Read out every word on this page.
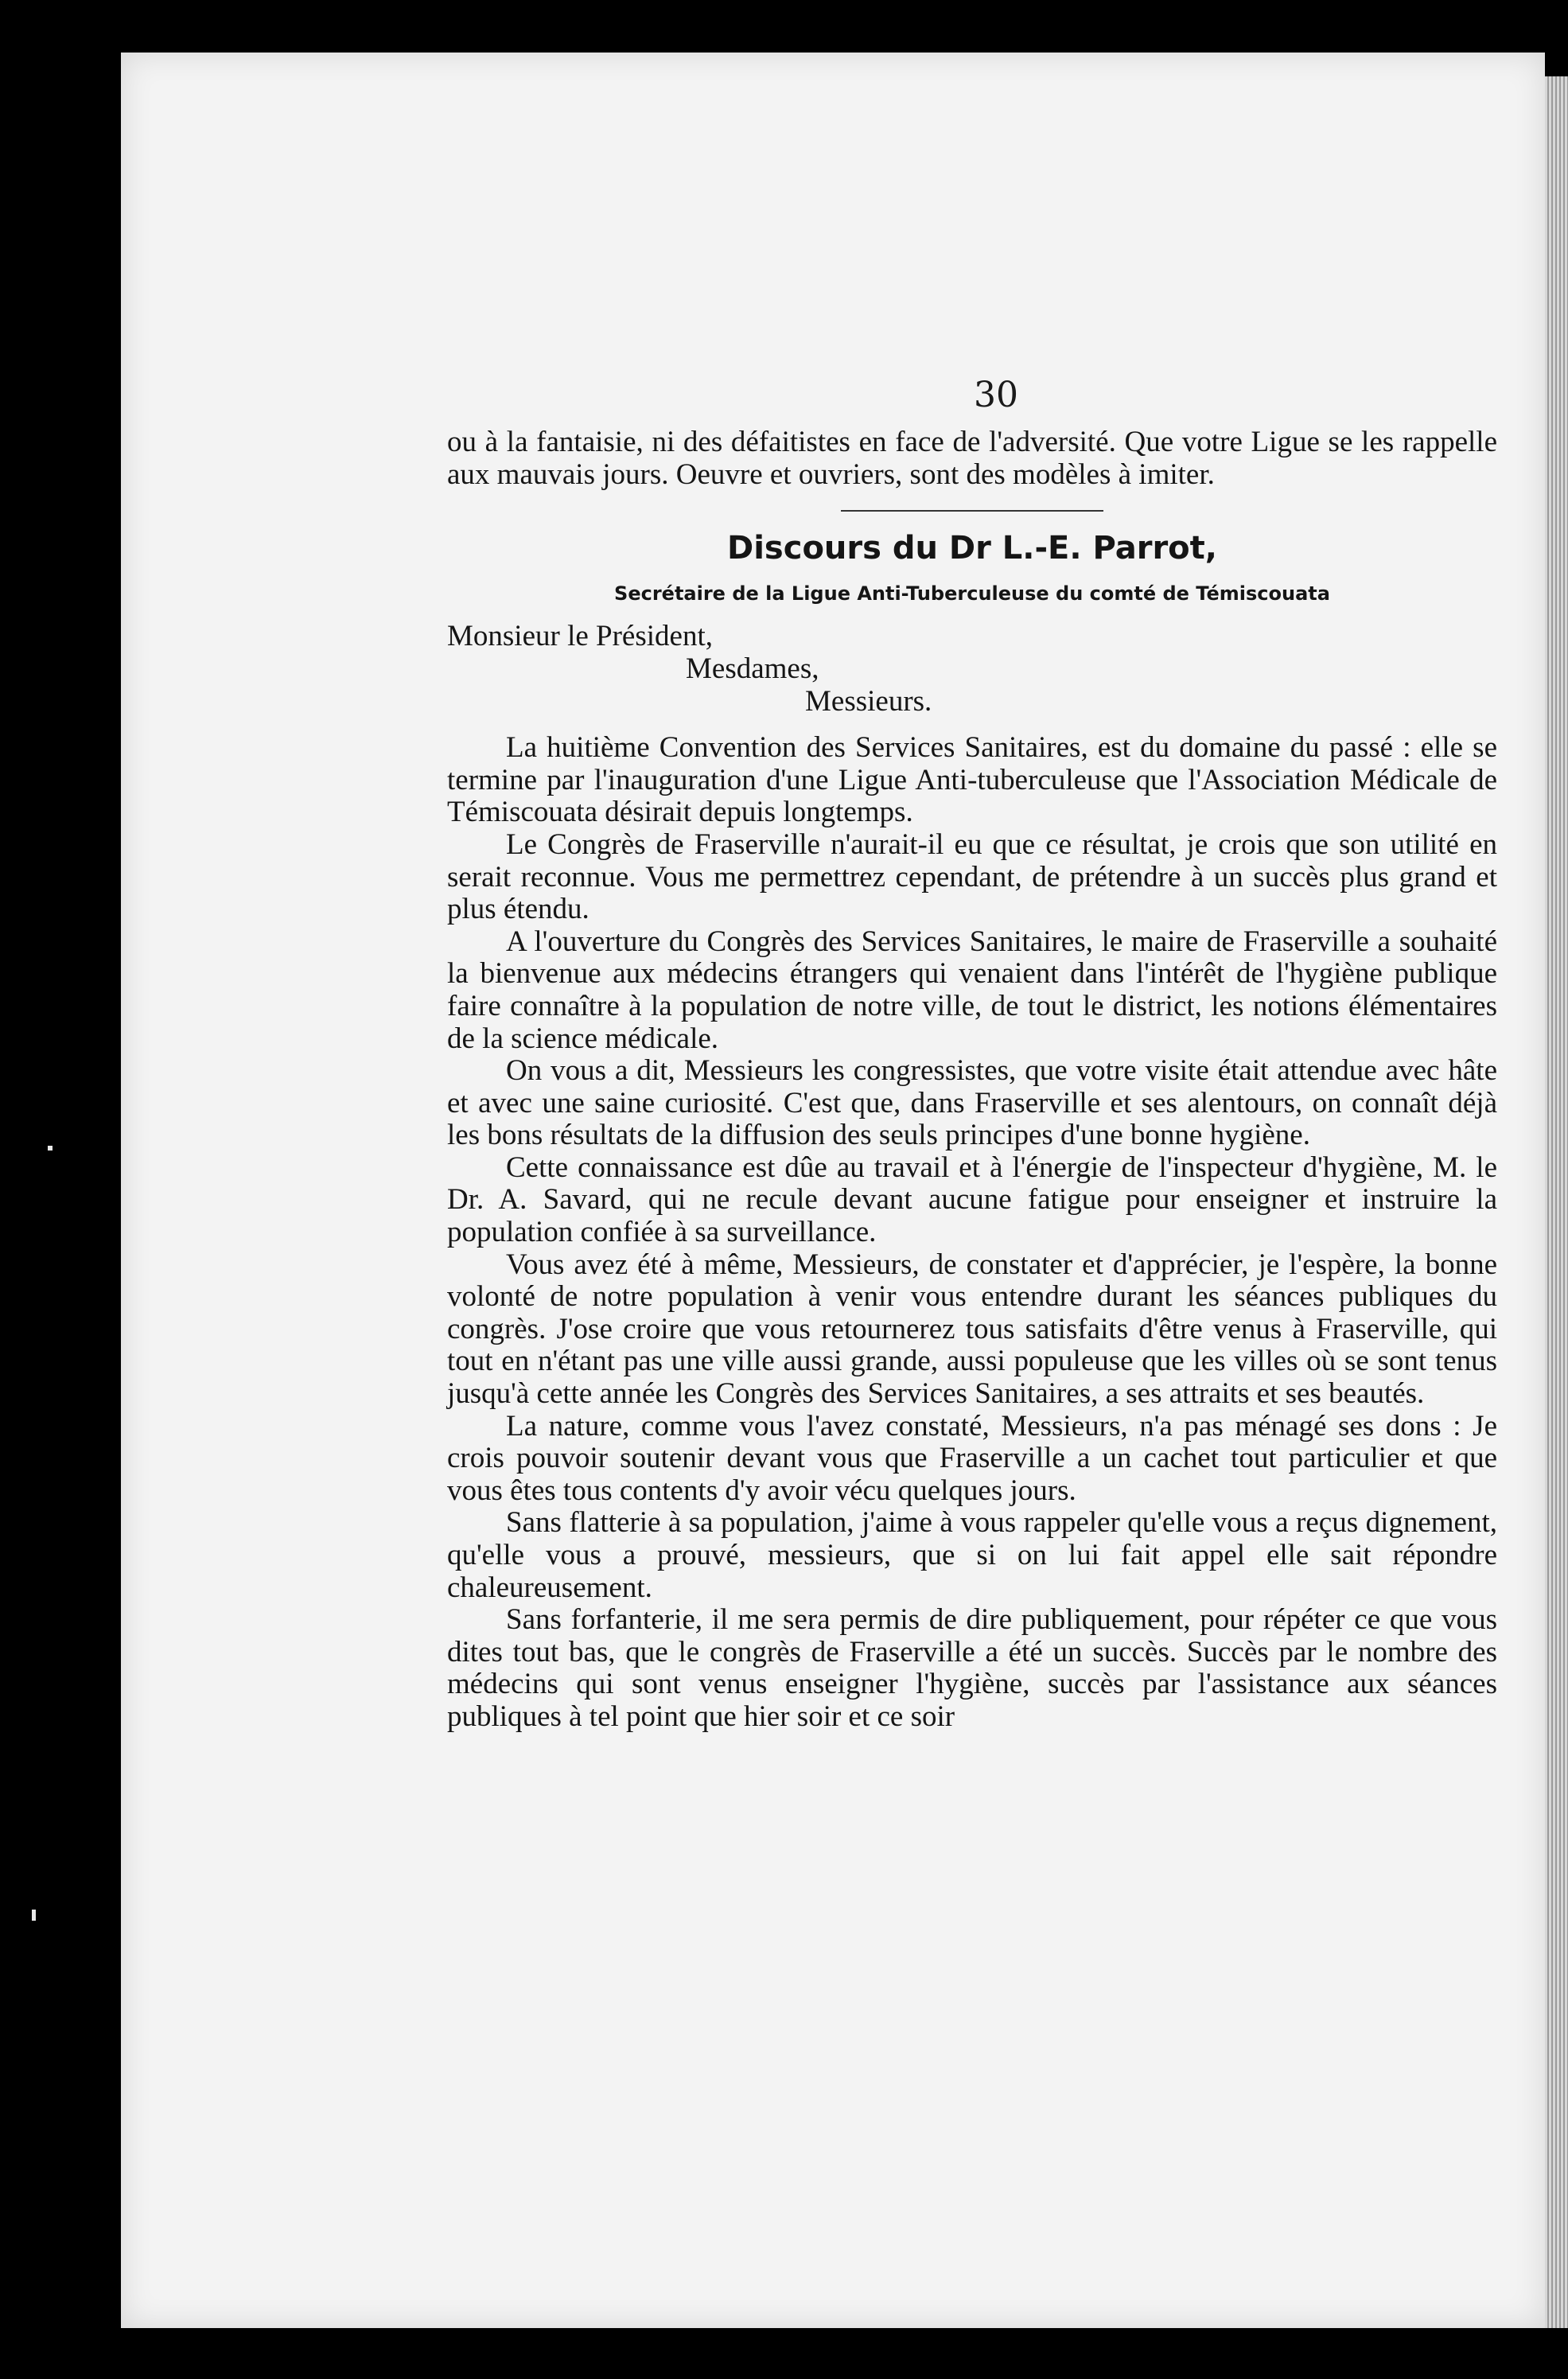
30

ou à la fantaisie, ni des défaitistes en face de l'adversité. Que votre Ligue se les rappelle aux mauvais jours. Oeuvre et ouvriers, sont des modèles à imiter.

Discours du Dr L.-E. Parrot,
Secrétaire de la Ligue Anti-Tuberculeuse du comté de Témiscouata
Monsieur le Président,
Mesdames,
Messieurs.

La huitième Convention des Services Sanitaires, est du domaine du passé : elle se termine par l'inauguration d'une Ligue Anti-tuberculeuse que l'Association Médicale de Témiscouata désirait depuis longtemps.

Le Congrès de Fraserville n'aurait-il eu que ce résultat, je crois que son utilité en serait reconnue. Vous me permettrez cependant, de prétendre à un succès plus grand et plus étendu.

A l'ouverture du Congrès des Services Sanitaires, le maire de Fraserville a souhaité la bienvenue aux médecins étrangers qui venaient dans l'intérêt de l'hygiène publique faire connaître à la population de notre ville, de tout le district, les notions élémentaires de la science médicale.

On vous a dit, Messieurs les congressistes, que votre visite était attendue avec hâte et avec une saine curiosité. C'est que, dans Fraserville et ses alentours, on connaît déjà les bons résultats de la diffusion des seuls principes d'une bonne hygiène.

Cette connaissance est dûe au travail et à l'énergie de l'inspecteur d'hygiène, M. le Dr. A. Savard, qui ne recule devant aucune fatigue pour enseigner et instruire la population confiée à sa surveillance.

Vous avez été à même, Messieurs, de constater et d'apprécier, je l'espère, la bonne volonté de notre population à venir vous entendre durant les séances publiques du congrès. J'ose croire que vous retournerez tous satisfaits d'être venus à Fraserville, qui tout en n'étant pas une ville aussi grande, aussi populeuse que les villes où se sont tenus jusqu'à cette année les Congrès des Services Sanitaires, a ses attraits et ses beautés.

La nature, comme vous l'avez constaté, Messieurs, n'a pas ménagé ses dons : Je crois pouvoir soutenir devant vous que Fraserville a un cachet tout particulier et que vous êtes tous contents d'y avoir vécu quelques jours.

Sans flatterie à sa population, j'aime à vous rappeler qu'elle vous a reçus dignement, qu'elle vous a prouvé, messieurs, que si on lui fait appel elle sait répondre chaleureusement.

Sans forfanterie, il me sera permis de dire publiquement, pour répéter ce que vous dites tout bas, que le congrès de Fraserville a été un succès. Succès par le nombre des médecins qui sont venus enseigner l'hygiène, succès par l'assistance aux séances publiques à tel point que hier soir et ce soir
